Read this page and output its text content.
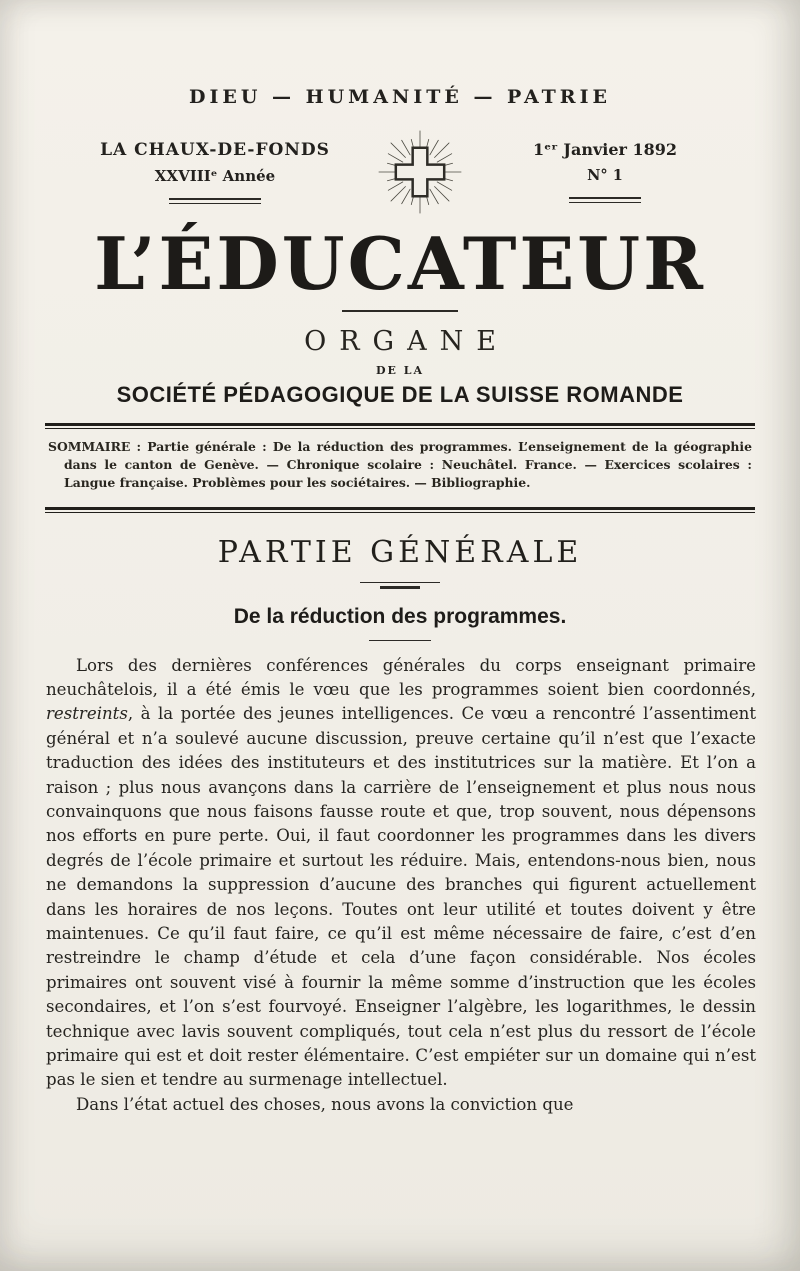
DIEU — HUMANITÉ — PATRIE
LA CHAUX-DE-FONDS
XXVIIIᵉ Année
1ᵉʳ Janvier 1892
N° 1
L’ÉDUCATEUR
ORGANE
DE LA
SOCIÉTÉ PÉDAGOGIQUE DE LA SUISSE ROMANDE
SOMMAIRE : Partie générale : De la réduction des programmes. L’enseignement de la géographie dans le canton de Genève. — Chronique scolaire : Neuchâtel. France. — Exercices scolaires : Langue française. Problèmes pour les sociétaires. — Bibliographie.
PARTIE GÉNÉRALE
De la réduction des programmes.

Lors des dernières conférences générales du corps enseignant primaire neuchâtelois, il a été émis le vœu que les programmes soient bien coordonnés, restreints, à la portée des jeunes intelligences. Ce vœu a rencontré l’assentiment général et n’a soulevé aucune discussion, preuve certaine qu’il n’est que l’exacte traduction des idées des instituteurs et des institutrices sur la matière. Et l’on a raison ; plus nous avançons dans la carrière de l’enseignement et plus nous nous convainquons que nous faisons fausse route et que, trop souvent, nous dépensons nos efforts en pure perte. Oui, il faut coordonner les programmes dans les divers degrés de l’école primaire et surtout les réduire. Mais, entendons-nous bien, nous ne demandons la suppression d’aucune des branches qui figurent actuellement dans les horaires de nos leçons. Toutes ont leur utilité et toutes doivent y être maintenues. Ce qu’il faut faire, ce qu’il est même nécessaire de faire, c’est d’en restreindre le champ d’étude et cela d’une façon considérable. Nos écoles primaires ont souvent visé à fournir la même somme d’instruction que les écoles secondaires, et l’on s’est fourvoyé. Enseigner l’algèbre, les logarithmes, le dessin technique avec lavis souvent compliqués, tout cela n’est plus du ressort de l’école primaire qui est et doit rester élémentaire. C’est empiéter sur un domaine qui n’est pas le sien et tendre au surmenage intellectuel.

Dans l’état actuel des choses, nous avons la conviction que
